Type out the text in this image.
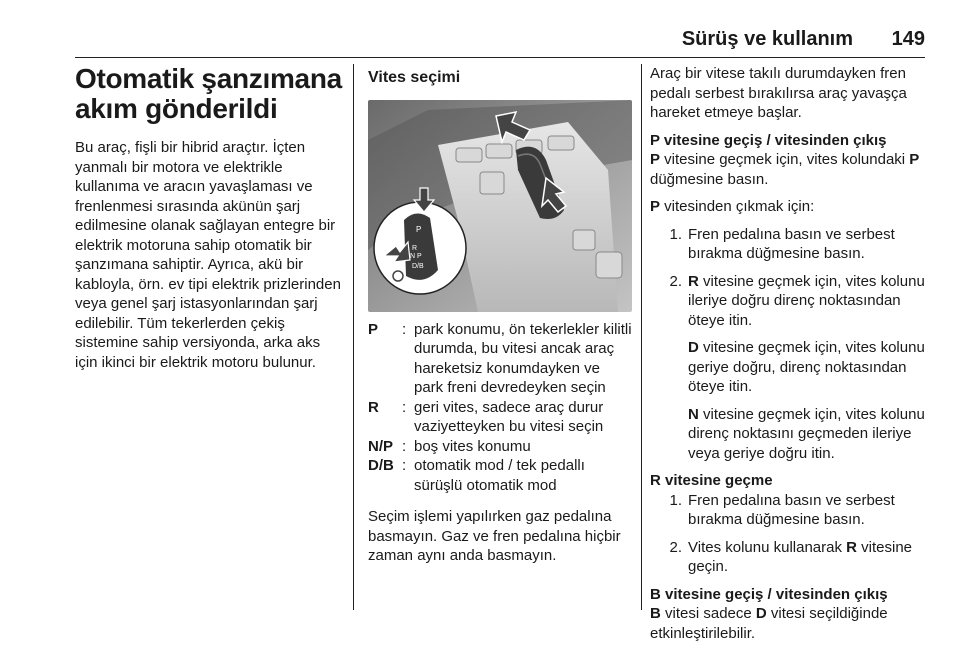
Sürüş ve kullanım 149
Otomatik şanzımana akım gönderildi
Bu araç, fişli bir hibrid araçtır. İçten yanmalı bir motora ve elektrikle kullanıma ve aracın yavaşlaması ve frenlenmesi sırasında akünün şarj edilmesine olanak sağlayan entegre bir elektrik motoruna sahip otomatik bir şanzımana sahiptir. Ayrıca, akü bir kabloyla, örn. ev tipi elektrik prizlerinden veya genel şarj istasyonlarından şarj edilebilir. Tüm tekerlerden çekiş sistemine sahip versiyonda, arka aks için ikinci bir elektrik motoru bulunur.
Vites seçimi
P
R
N P
D/B
P	: park konumu, ön tekerlekler kilitli durumda, bu vitesi ancak araç hareketsiz konumdayken ve park freni devredeyken seçin
R	: geri vites, sadece araç durur vaziyetteyken bu vitesi seçin
N/P : boş vites konumu
D/B : otomatik mod / tek pedallı sürüşlü otomatik mod
Seçim işlemi yapılırken gaz pedalına basmayın. Gaz ve fren pedalına hiçbir zaman aynı anda basmayın.

Araç bir vitese takılı durumdayken fren pedalı serbest bırakılırsa araç yavaşça hareket etmeye başlar.

P vitesine geçiş / vitesinden çıkış

P vitesine geçmek için, vites kolundaki P düğmesine basın.

P vitesinden çıkmak için:

1. Fren pedalına basın ve serbest bırakma düğmesine basın.
2. R vitesine geçmek için, vites kolunu ileriye doğru direnç noktasından öteye itin.
D vitesine geçmek için, vites kolunu geriye doğru, direnç noktasından öteye itin.
N vitesine geçmek için, vites kolunu direnç noktasını geçmeden ileriye veya geriye doğru itin.

R vitesine geçme

1. Fren pedalına basın ve serbest bırakma düğmesine basın.
2. Vites kolunu kullanarak R vitesine geçin.

B vitesine geçiş / vitesinden çıkış

B vitesi sadece D vitesi seçildiğinde etkinleştirilebilir.
